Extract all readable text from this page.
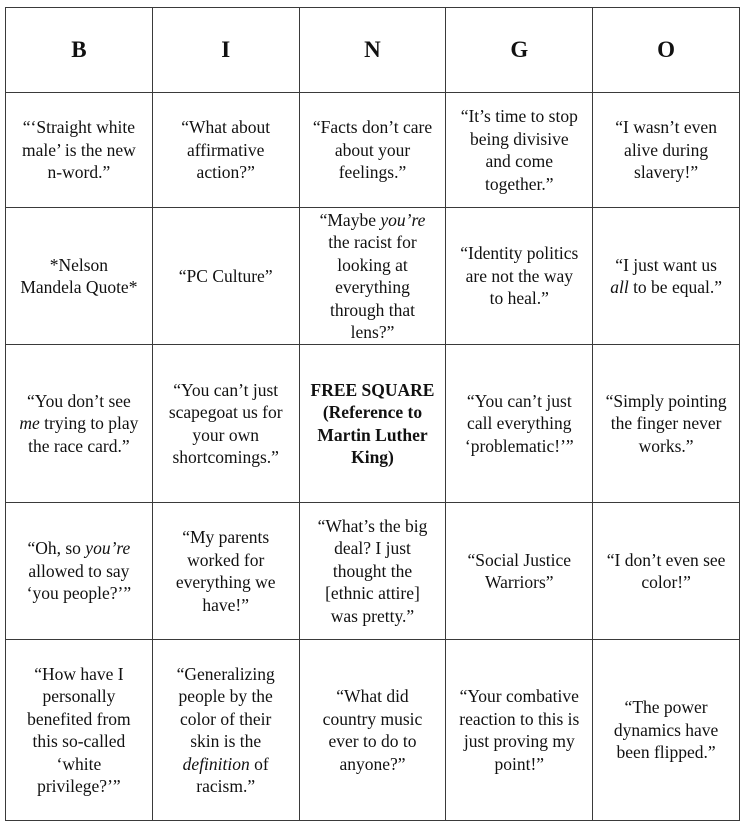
B	I	N	G	O
“‘Straight white male’ is the new n-word.”	“What about affirmative action?”	“Facts don’t care about your feelings.”	“It’s time to stop being divisive and come together.”	“I wasn’t even alive during slavery!”
*Nelson Mandela Quote*	“PC Culture”	“Maybe you’re the racist for looking at everything through that lens?”	“Identity politics are not the way to heal.”	“I just want us all to be equal.”
“You don’t see me trying to play the race card.”	“You can’t just scapegoat us for your own shortcomings.”	FREE SQUARE (Reference to Martin Luther King)	“You can’t just call everything ‘problematic!’”	“Simply pointing the finger never works.”
“Oh, so you’re allowed to say ‘you people?’”	“My parents worked for everything we have!”	“What’s the big deal? I just thought the [ethnic attire] was pretty.”	“Social Justice Warriors”	“I don’t even see color!”
“How have I personally benefited from this so-called ‘white privilege?’”	“Generalizing people by the color of their skin is the definition of racism.”	“What did country music ever to do to anyone?”	“Your combative reaction to this is just proving my point!”	“The power dynamics have been flipped.”
